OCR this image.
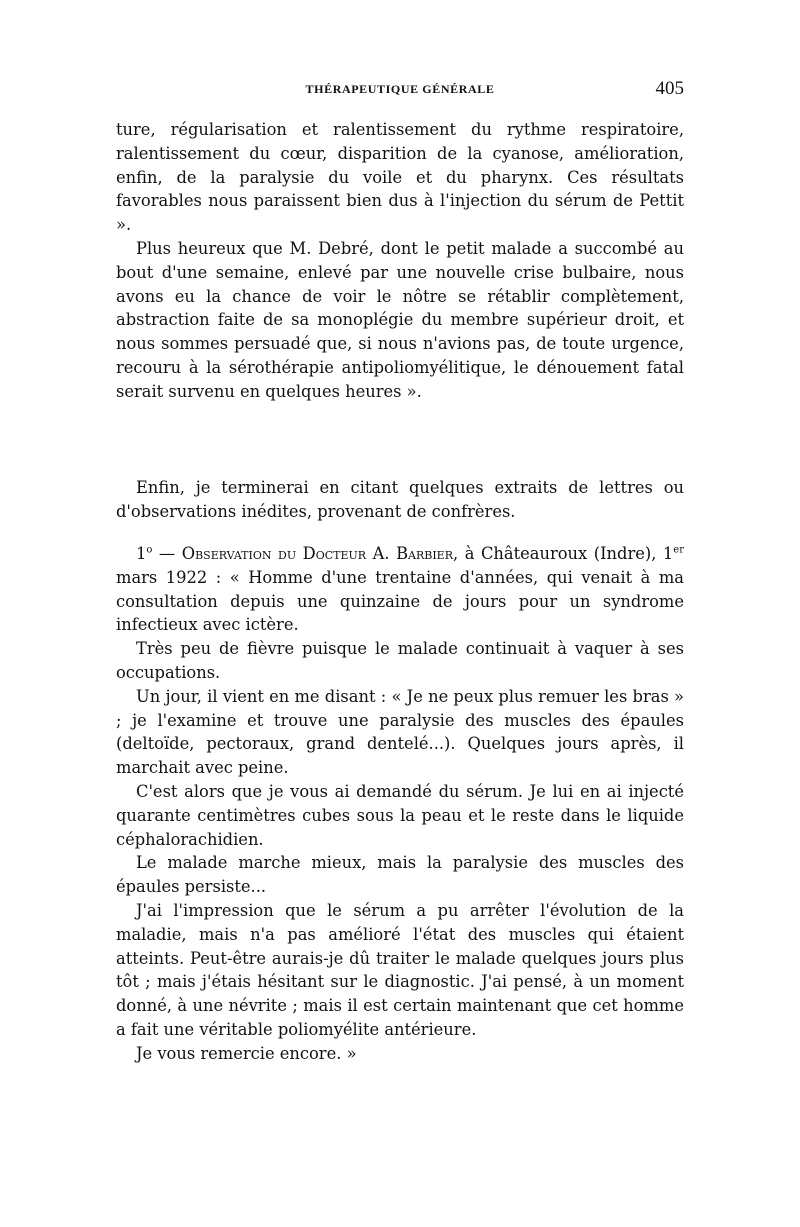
THÉRAPEUTIQUE GÉNÉRALE	405

ture, régularisation et ralentissement du rythme respiratoire, ralentissement du cœur, disparition de la cyanose, amélioration, enfin, de la paralysie du voile et du pharynx. Ces résultats favorables nous paraissent bien dus à l'injection du sérum de Pettit ».

Plus heureux que M. Debré, dont le petit malade a succombé au bout d'une semaine, enlevé par une nouvelle crise bulbaire, nous avons eu la chance de voir le nôtre se rétablir complètement, abstraction faite de sa monoplégie du membre supérieur droit, et nous sommes persuadé que, si nous n'avions pas, de toute urgence, recouru à la sérothérapie antipoliomyélitique, le dénouement fatal serait survenu en quelques heures ».

Enfin, je terminerai en citant quelques extraits de lettres ou d'observations inédites, provenant de confrères.

1$^o$ — Observation du Docteur A. Barbier, à Châteauroux (Indre), 1er mars 1922 : « Homme d'une trentaine d'années, qui venait à ma consultation depuis une quinzaine de jours pour un syndrome infectieux avec ictère.

Très peu de fièvre puisque le malade continuait à vaquer à ses occupations.

Un jour, il vient en me disant : « Je ne peux plus remuer les bras » ; je l'examine et trouve une paralysie des muscles des épaules (deltoïde, pectoraux, grand dentelé...). Quelques jours après, il marchait avec peine.

C'est alors que je vous ai demandé du sérum. Je lui en ai injecté quarante centimètres cubes sous la peau et le reste dans le liquide céphalorachidien.

Le malade marche mieux, mais la paralysie des muscles des épaules persiste...

J'ai l'impression que le sérum a pu arrêter l'évolution de la maladie, mais n'a pas amélioré l'état des muscles qui étaient atteints. Peut-être aurais-je dû traiter le malade quelques jours plus tôt ; mais j'étais hésitant sur le diagnostic. J'ai pensé, à un moment donné, à une névrite ; mais il est certain maintenant que cet homme a fait une véritable poliomyélite antérieure.

Je vous remercie encore. »
